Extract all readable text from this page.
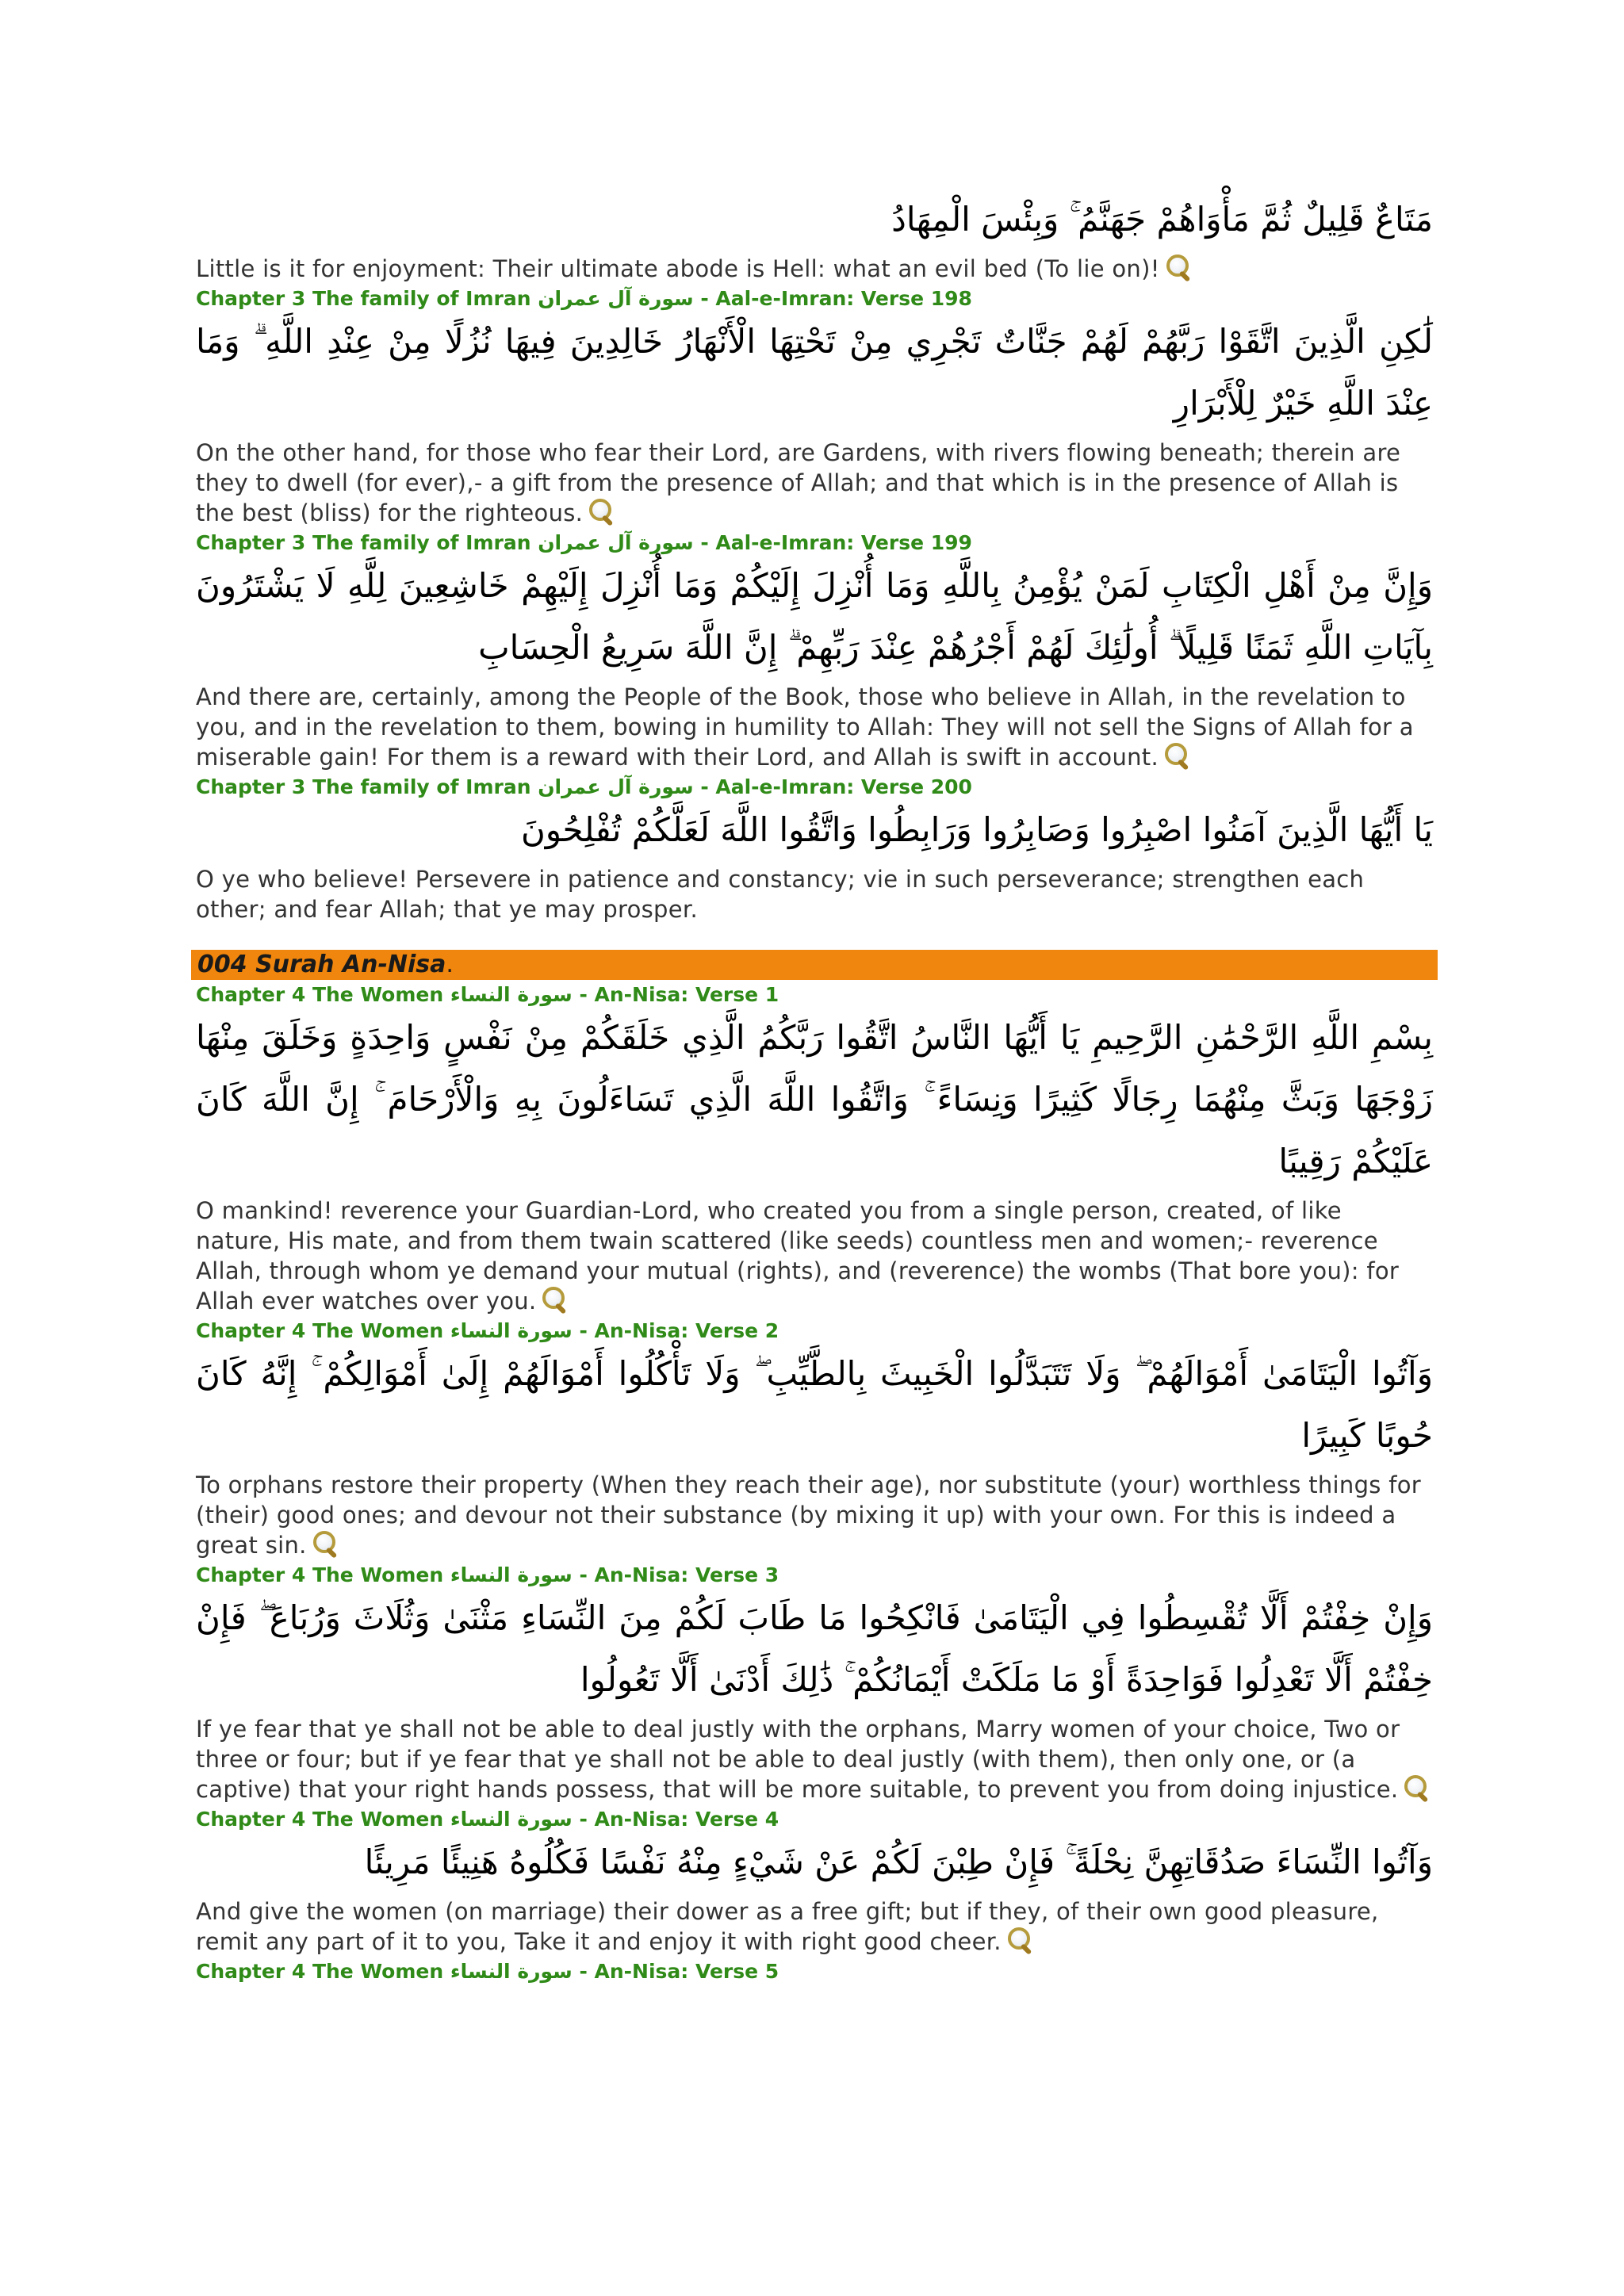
مَتَاعٌ قَلِيلٌ ثُمَّ مَأْوَاهُمْ جَهَنَّمُ ۚ وَبِئْسَ الْمِهَادُ

Little is it for enjoyment: Their ultimate abode is Hell: what an evil bed (To lie on)!

Chapter 3 The family of Imran سورة آل عمران - Aal-e-Imran: Verse 198

لَٰكِنِ الَّذِينَ اتَّقَوْا رَبَّهُمْ لَهُمْ جَنَّاتٌ تَجْرِي مِنْ تَحْتِهَا الْأَنْهَارُ خَالِدِينَ فِيهَا نُزُلًا مِنْ عِنْدِ اللَّهِ ۗ وَمَا عِنْدَ اللَّهِ خَيْرٌ لِلْأَبْرَارِ

On the other hand, for those who fear their Lord, are Gardens, with rivers flowing beneath; therein are they to dwell (for ever),- a gift from the presence of Allah; and that which is in the presence of Allah is the best (bliss) for the righteous.

Chapter 3 The family of Imran سورة آل عمران - Aal-e-Imran: Verse 199

وَإِنَّ مِنْ أَهْلِ الْكِتَابِ لَمَنْ يُؤْمِنُ بِاللَّهِ وَمَا أُنْزِلَ إِلَيْكُمْ وَمَا أُنْزِلَ إِلَيْهِمْ خَاشِعِينَ لِلَّهِ لَا يَشْتَرُونَ بِآيَاتِ اللَّهِ ثَمَنًا قَلِيلًا ۗ أُولَٰئِكَ لَهُمْ أَجْرُهُمْ عِنْدَ رَبِّهِمْ ۗ إِنَّ اللَّهَ سَرِيعُ الْحِسَابِ

And there are, certainly, among the People of the Book, those who believe in Allah, in the revelation to you, and in the revelation to them, bowing in humility to Allah: They will not sell the Signs of Allah for a miserable gain! For them is a reward with their Lord, and Allah is swift in account.

Chapter 3 The family of Imran سورة آل عمران - Aal-e-Imran: Verse 200

يَا أَيُّهَا الَّذِينَ آمَنُوا اصْبِرُوا وَصَابِرُوا وَرَابِطُوا وَاتَّقُوا اللَّهَ لَعَلَّكُمْ تُفْلِحُونَ

O ye who believe! Persevere in patience and constancy; vie in such perseverance; strengthen each other; and fear Allah; that ye may prosper.

004 Surah An-Nisa.

Chapter 4 The Women سورة النساء - An-Nisa: Verse 1

بِسْمِ اللَّهِ الرَّحْمَٰنِ الرَّحِيمِ يَا أَيُّهَا النَّاسُ اتَّقُوا رَبَّكُمُ الَّذِي خَلَقَكُمْ مِنْ نَفْسٍ وَاحِدَةٍ وَخَلَقَ مِنْهَا زَوْجَهَا وَبَثَّ مِنْهُمَا رِجَالًا كَثِيرًا وَنِسَاءً ۚ وَاتَّقُوا اللَّهَ الَّذِي تَسَاءَلُونَ بِهِ وَالْأَرْحَامَ ۚ إِنَّ اللَّهَ كَانَ عَلَيْكُمْ رَقِيبًا

O mankind! reverence your Guardian-Lord, who created you from a single person, created, of like nature, His mate, and from them twain scattered (like seeds) countless men and women;- reverence Allah, through whom ye demand your mutual (rights), and (reverence) the wombs (That bore you): for Allah ever watches over you.

Chapter 4 The Women سورة النساء - An-Nisa: Verse 2

وَآتُوا الْيَتَامَىٰ أَمْوَالَهُمْ ۖ وَلَا تَتَبَدَّلُوا الْخَبِيثَ بِالطَّيِّبِ ۖ وَلَا تَأْكُلُوا أَمْوَالَهُمْ إِلَىٰ أَمْوَالِكُمْ ۚ إِنَّهُ كَانَ حُوبًا كَبِيرًا

To orphans restore their property (When they reach their age), nor substitute (your) worthless things for (their) good ones; and devour not their substance (by mixing it up) with your own. For this is indeed a great sin.

Chapter 4 The Women سورة النساء - An-Nisa: Verse 3

وَإِنْ خِفْتُمْ أَلَّا تُقْسِطُوا فِي الْيَتَامَىٰ فَانْكِحُوا مَا طَابَ لَكُمْ مِنَ النِّسَاءِ مَثْنَىٰ وَثُلَاثَ وَرُبَاعَ ۖ فَإِنْ خِفْتُمْ أَلَّا تَعْدِلُوا فَوَاحِدَةً أَوْ مَا مَلَكَتْ أَيْمَانُكُمْ ۚ ذَٰلِكَ أَدْنَىٰ أَلَّا تَعُولُوا

If ye fear that ye shall not be able to deal justly with the orphans, Marry women of your choice, Two or three or four; but if ye fear that ye shall not be able to deal justly (with them), then only one, or (a captive) that your right hands possess, that will be more suitable, to prevent you from doing injustice.

Chapter 4 The Women سورة النساء - An-Nisa: Verse 4

وَآتُوا النِّسَاءَ صَدُقَاتِهِنَّ نِحْلَةً ۚ فَإِنْ طِبْنَ لَكُمْ عَنْ شَيْءٍ مِنْهُ نَفْسًا فَكُلُوهُ هَنِيئًا مَرِيئًا

And give the women (on marriage) their dower as a free gift; but if they, of their own good pleasure, remit any part of it to you, Take it and enjoy it with right good cheer.

Chapter 4 The Women سورة النساء - An-Nisa: Verse 5
